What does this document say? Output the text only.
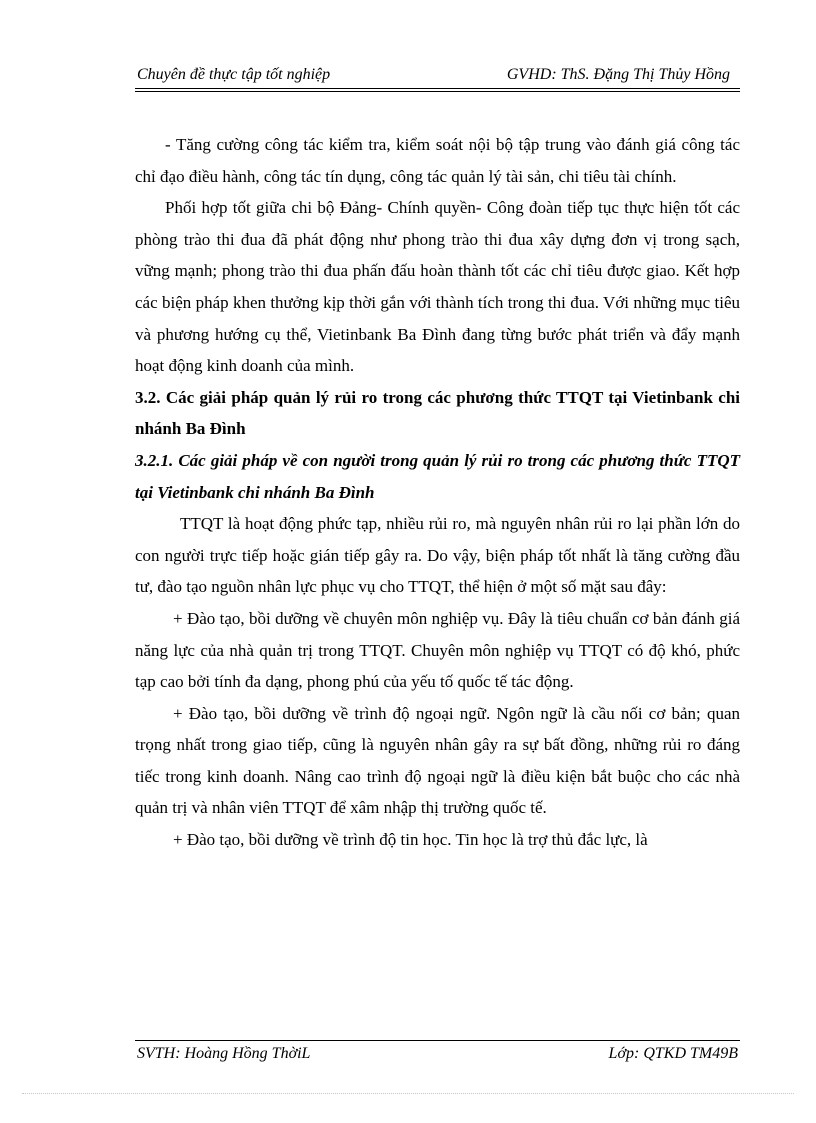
Chuyên đề thực tập tốt nghiệp	GVHD: ThS. Đặng Thị Thủy Hồng

- Tăng cường công tác kiểm tra, kiểm soát nội bộ tập trung vào đánh giá công tác chỉ đạo điều hành, công tác tín dụng, công tác quản lý tài sản, chi tiêu tài chính.

Phối hợp tốt giữa chi bộ Đảng- Chính quyền- Công đoàn tiếp tục thực hiện tốt các phòng trào thi đua đã phát động như phong trào thi đua xây dựng đơn vị trong sạch, vững mạnh; phong trào thi đua phấn đấu hoàn thành tốt các chỉ tiêu được giao. Kết hợp các biện pháp khen thưởng kịp thời gắn với thành tích trong thi đua. Với những mục tiêu và phương hướng cụ thể, Vietinbank Ba Đình đang từng bước phát triển và đẩy mạnh hoạt động kinh doanh của mình.

3.2. Các giải pháp quản lý rủi ro trong các phương thức TTQT tại Vietinbank chi nhánh Ba Đình

3.2.1. Các giải pháp về con người trong quản lý rủi ro trong các phương thức TTQT tại Vietinbank chi nhánh Ba Đình

TTQT là hoạt động phức tạp, nhiều rủi ro, mà nguyên nhân rủi ro lại phần lớn do con người trực tiếp hoặc gián tiếp gây ra. Do vậy, biện pháp tốt nhất là tăng cường đầu tư, đào tạo nguồn nhân lực phục vụ cho TTQT, thể hiện ở một số mặt sau đây:

+ Đào tạo, bồi dưỡng về chuyên môn nghiệp vụ. Đây là tiêu chuẩn cơ bản đánh giá năng lực của nhà quản trị trong TTQT. Chuyên môn nghiệp vụ TTQT có độ khó, phức tạp cao bởi tính đa dạng, phong phú của yếu tố quốc tế tác động.

+ Đào tạo, bồi dưỡng về trình độ ngoại ngữ. Ngôn ngữ là cầu nối cơ bản; quan trọng nhất trong giao tiếp, cũng là nguyên nhân gây ra sự bất đồng, những rủi ro đáng tiếc trong kinh doanh. Nâng cao trình độ ngoại ngữ là điều kiện bắt buộc cho các nhà quản trị và nhân viên TTQT để xâm nhập thị trường quốc tế.

+ Đào tạo, bồi dưỡng về trình độ tin học. Tin học là trợ thủ đắc lực, là

SVTH: Hoàng Hồng ThờiL	Lớp: QTKD TM49B
